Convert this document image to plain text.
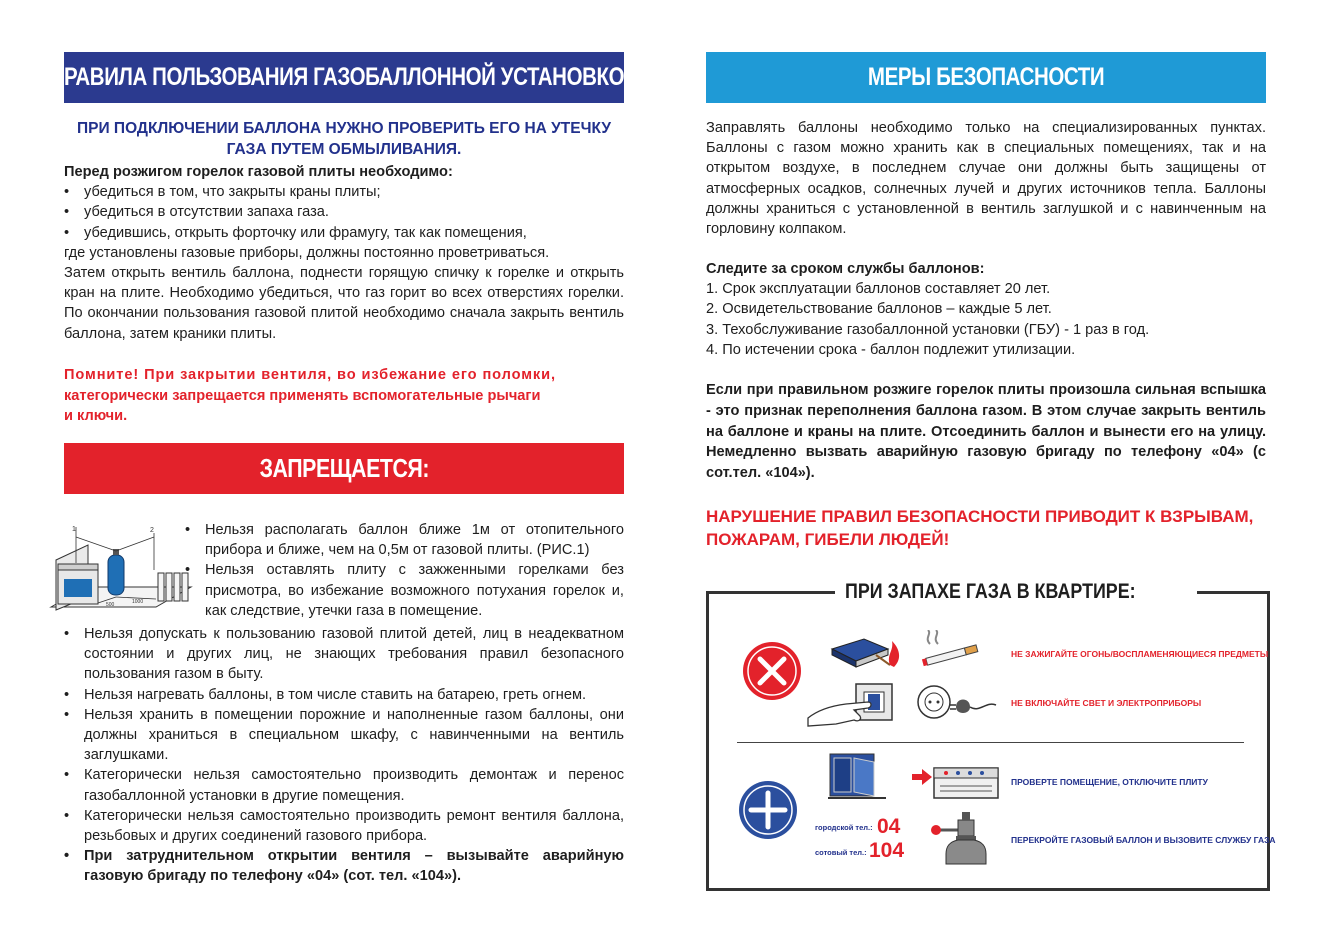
ПРАВИЛА ПОЛЬЗОВАНИЯ ГАЗОБАЛЛОННОЙ УСТАНОВКОЙ
ПРИ ПОДКЛЮЧЕНИИ БАЛЛОНА НУЖНО ПРОВЕРИТЬ ЕГО НА УТЕЧКУ
ГАЗА ПУТЕМ ОБМЫЛИВАНИЯ.

Перед розжигом горелок газовой плиты необходимо:

• убедиться в том, что закрыты краны плиты;
• убедиться в отсутствии запаха газа.
• убедившись, открыть форточку или фрамугу, так как помещения,

где установлены газовые приборы, должны постоянно проветриваться.

Затем открыть вентиль баллона, поднести горящую спичку к горелке и открыть кран на плите. Необходимо убедиться, что газ горит во всех отверстиях горелки. По окончании пользования газовой плитой необходимо сначала закрыть вентиль баллона, затем краники плиты.

Помните! При закрытии вентиля, во избежание его поломки,
категорически запрещается применять вспомогательные рычаги
и ключи.
ЗАПРЕЩАЕТСЯ:
1	2
500	1000
• Нельзя располагать баллон ближе 1м от отопительного прибора и ближе, чем на 0,5м от газовой плиты. (РИС.1)
• Нельзя оставлять плиту с зажженными горелками без присмотра, во избежание возможного потухания горелок и, как следствие, утечки газа в помещение.
• Нельзя допускать к пользованию газовой плитой детей, лиц в неадекватном состоянии и других лиц, не знающих требования правил безопасного пользования газом в быту.
• Нельзя нагревать баллоны, в том числе ставить на батарею, греть огнем.
• Нельзя хранить в помещении порожние и наполненные газом баллоны, они должны храниться в специальном шкафу, с навинченными на вентиль заглушками.
• Категорически нельзя самостоятельно производить демонтаж и перенос газобаллонной установки в другие помещения.
• Категорически нельзя самостоятельно производить ремонт вентиля баллона, резьбовых и других соединений газового прибора.
• При затруднительном открытии вентиля – вызывайте аварийную газовую бригаду по телефону «04» (сот. тел. «104»).
МЕРЫ БЕЗОПАСНОСТИ
Заправлять баллоны необходимо только на специализированных пунктах. Баллоны с газом можно хранить как в специальных помещениях, так и на открытом воздухе, в последнем случае они должны быть защищены от атмосферных осадков, солнечных лучей и других источников тепла. Баллоны должны храниться с установленной в вентиль заглушкой и с навинченным на горловину колпаком.

Следите за сроком службы баллонов:

1. Срок эксплуатации баллонов составляет 20 лет.
2. Освидетельствование баллонов – каждые 5 лет.
3. Техобслуживание газобаллонной установки (ГБУ) - 1 раз в год.
4. По истечении срока - баллон подлежит утилизации.
Если при правильном розжиге горелок плиты произошла сильная вспышка - это признак переполнения баллона газом. В этом случае закрыть вентиль на баллоне и краны на плите. Отсоединить баллон и вынести его на улицу. Немедленно вызвать аварийную газовую бригаду по телефону «04» (с сот.тел. «104»).
НАРУШЕНИЕ ПРАВИЛ БЕЗОПАСНОСТИ ПРИВОДИТ К ВЗРЫВАМ,
ПОЖАРАМ, ГИБЕЛИ ЛЮДЕЙ!
ПРИ ЗАПАХЕ ГАЗА В КВАРТИРЕ:
НЕ ЗАЖИГАЙТЕ ОГОНЬ/ВОСПЛАМЕНЯЮЩИЕСЯ ПРЕДМЕТЫ
НЕ ВКЛЮЧАЙТЕ СВЕТ И ЭЛЕКТРОПРИБОРЫ
ПРОВЕРТЕ ПОМЕЩЕНИЕ, ОТКЛЮЧИТЕ ПЛИТУ
городской тел.: 04
сотовый тел.: 104	ПЕРЕКРОЙТЕ ГАЗОВЫЙ БАЛЛОН И ВЫЗОВИТЕ СЛУЖБУ ГАЗА
